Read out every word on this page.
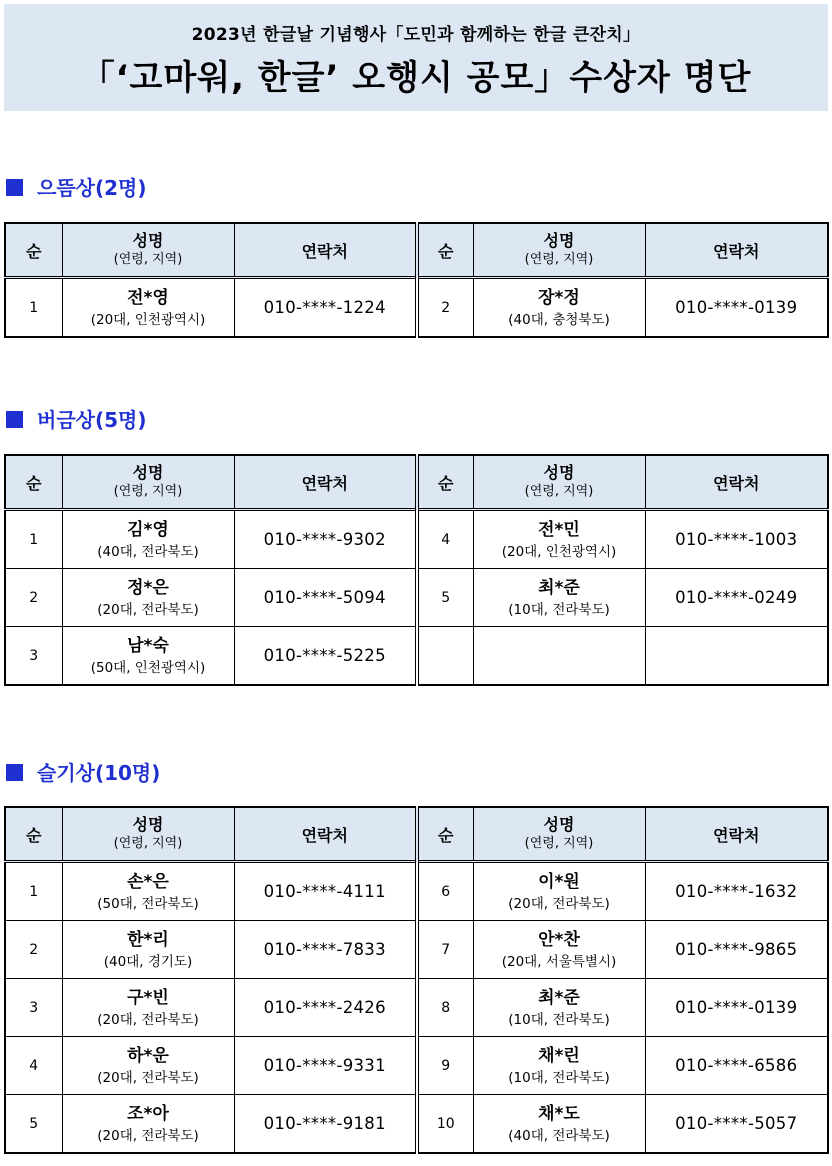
2023년 한글날 기념행사「도민과 함께하는 한글 큰잔치」
「‘고마워, 한글’ 오행시 공모」수상자 명단
으뜸상(2명)
순	성명
(연령, 지역)	연락처	순	성명
(연령, 지역)	연락처
1	전*영
(20대, 인천광역시)	010-****-1224	2	장*정
(40대, 충청북도)	010-****-0139
버금상(5명)
순	성명
(연령, 지역)	연락처	순	성명
(연령, 지역)	연락처
1	김*영
(40대, 전라북도)	010-****-9302	4	전*민
(20대, 인천광역시)	010-****-1003
2	정*은
(20대, 전라북도)	010-****-5094	5	최*준
(10대, 전라북도)	010-****-0249
3	남*숙
(50대, 인천광역시)	010-****-5225			
슬기상(10명)
순	성명
(연령, 지역)	연락처	순	성명
(연령, 지역)	연락처
1	손*은
(50대, 전라북도)	010-****-4111	6	이*원
(20대, 전라북도)	010-****-1632
2	한*리
(40대, 경기도)	010-****-7833	7	안*찬
(20대, 서울특별시)	010-****-9865
3	구*빈
(20대, 전라북도)	010-****-2426	8	최*준
(10대, 전라북도)	010-****-0139
4	하*운
(20대, 전라북도)	010-****-9331	9	채*린
(10대, 전라북도)	010-****-6586
5	조*아
(20대, 전라북도)	010-****-9181	10	채*도
(40대, 전라북도)	010-****-5057
